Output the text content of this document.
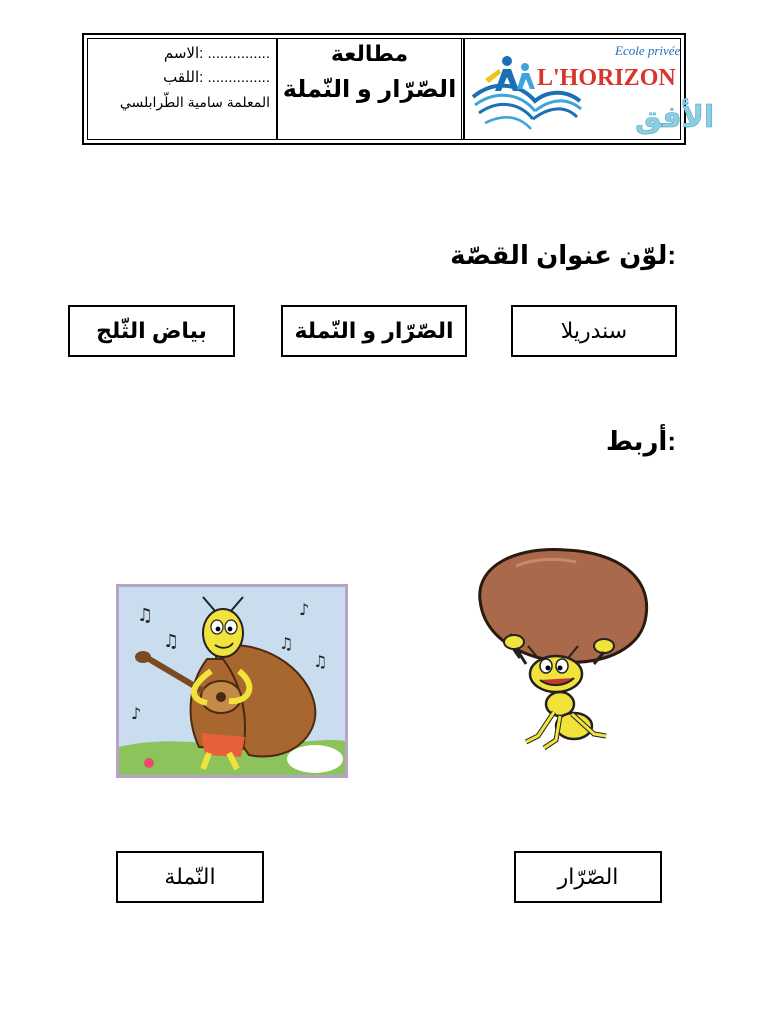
............... :الاسم
............... :اللقب
المعلمة سامية الطّرابلسي
مطالعة
الصّرّار و النّملة
Ecole privée
L'HORIZON
الأفق
:لوّن عنوان القصّة
سندريلا
الصّرّار و النّملة
بياض الثّلج
:أربط
♫
♫
♪
♫
♫
♪
الصّرّار
النّملة
